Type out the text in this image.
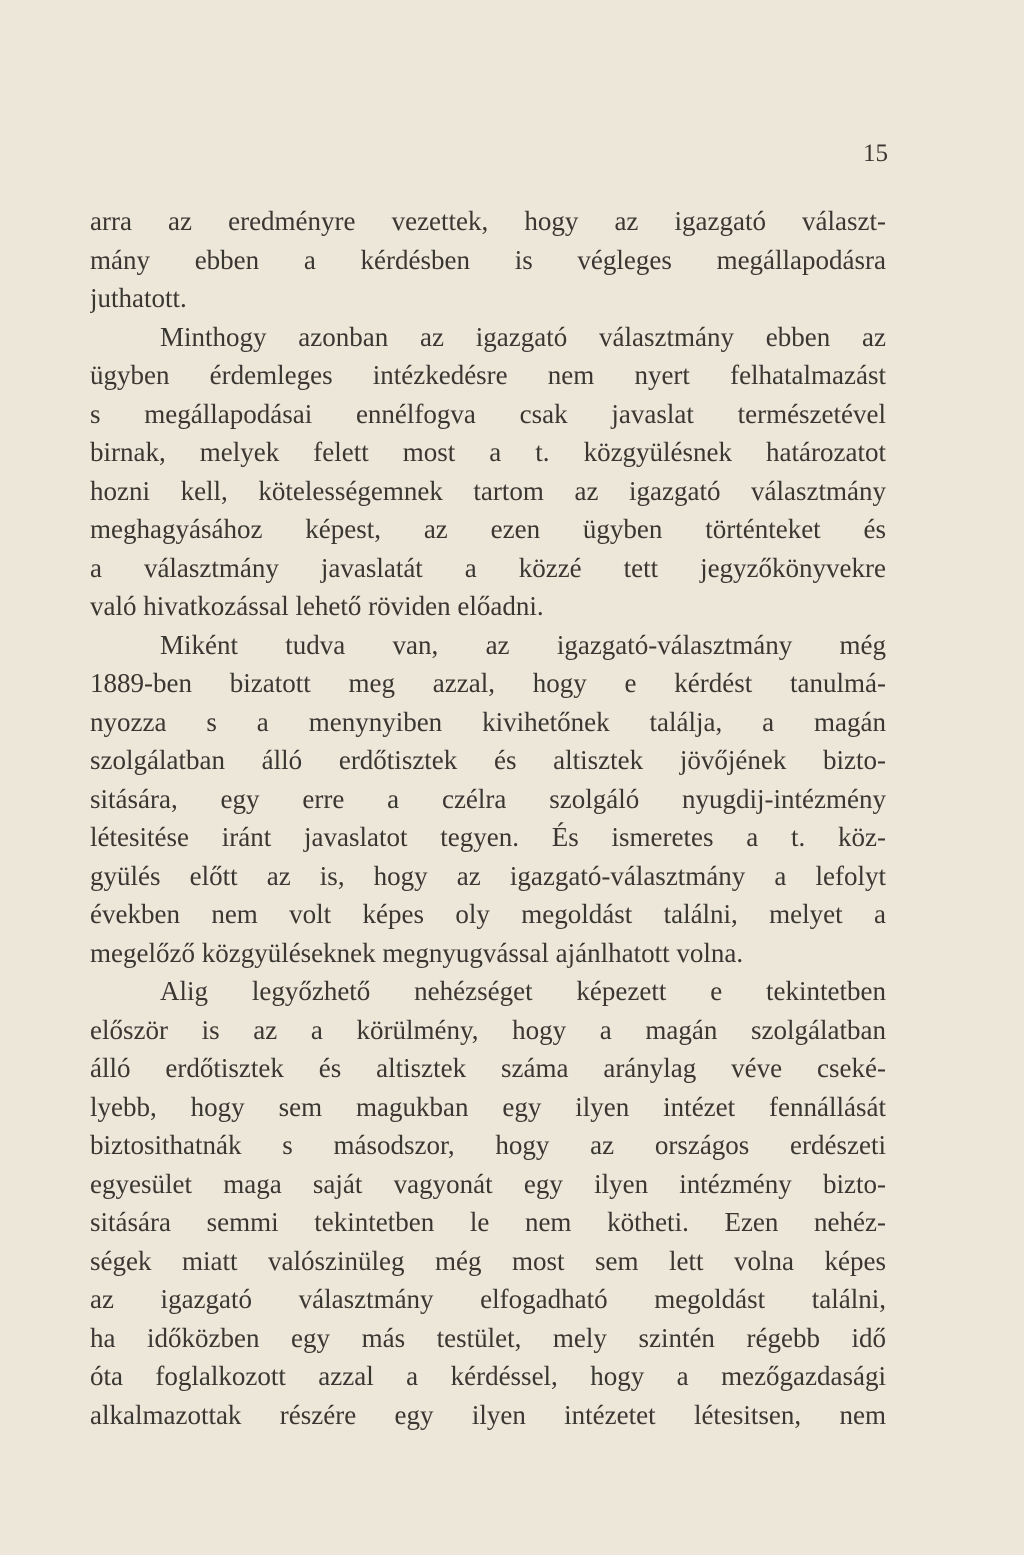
15
arra az eredményre vezettek, hogy az igazgató választ-
mány ebben a kérdésben is végleges megállapodásra
juthatott.
Minthogy azonban az igazgató választmány ebben az
ügyben érdemleges intézkedésre nem nyert felhatalmazást
s megállapodásai ennélfogva csak javaslat természetével
birnak, melyek felett most a t. közgyülésnek határozatot
hozni kell, kötelességemnek tartom az igazgató választmány
meghagyásához képest, az ezen ügyben történteket és
a választmány javaslatát a közzé tett jegyzőkönyvekre
való hivatkozással lehető röviden előadni.
Miként tudva van, az igazgató-választmány még
1889-ben bizatott meg azzal, hogy e kérdést tanulmá-
nyozza s a menynyiben kivihetőnek találja, a magán
szolgálatban álló erdőtisztek és altisztek jövőjének bizto-
sitására, egy erre a czélra szolgáló nyugdij-intézmény
létesitése iránt javaslatot tegyen. És ismeretes a t. köz-
gyülés előtt az is, hogy az igazgató-választmány a lefolyt
években nem volt képes oly megoldást találni, melyet a
megelőző közgyüléseknek megnyugvással ajánlhatott volna.
Alig legyőzhető nehézséget képezett e tekintetben
először is az a körülmény, hogy a magán szolgálatban
álló erdőtisztek és altisztek száma aránylag véve cseké-
lyebb, hogy sem magukban egy ilyen intézet fennállását
biztosithatnák s másodszor, hogy az országos erdészeti
egyesület maga saját vagyonát egy ilyen intézmény bizto-
sitására semmi tekintetben le nem kötheti. Ezen nehéz-
ségek miatt valószinüleg még most sem lett volna képes
az igazgató választmány elfogadható megoldást találni,
ha időközben egy más testület, mely szintén régebb idő
óta foglalkozott azzal a kérdéssel, hogy a mezőgazdasági
alkalmazottak részére egy ilyen intézetet létesitsen, nem
